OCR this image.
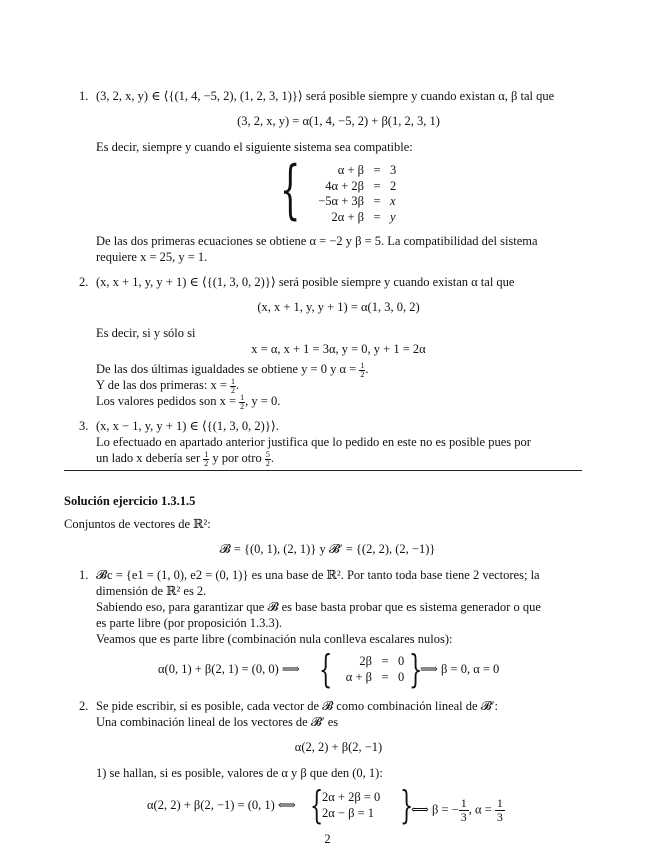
1. (3, 2, x, y) ∈ ⟨{(1, 4, −5, 2), (1, 2, 3, 1)}⟩ será posible siempre y cuando existan α, β tal que
(3, 2, x, y) = α(1, 4, −5, 2) + β(1, 2, 3, 1)
Es decir, siempre y cuando el siguiente sistema sea compatible:
{	α + β = 3
4α + 2β = 2
−5α + 3β = x
2α + β = y
De las dos primeras ecuaciones se obtiene α = −2 y β = 5. La compatibilidad del sistema
requiere x = 25, y = 1.
2. (x, x + 1, y, y + 1) ∈ ⟨{(1, 3, 0, 2)}⟩ será posible siempre y cuando existan α tal que
(x, x + 1, y, y + 1) = α(1, 3, 0, 2)
Es decir, si y sólo si
x = α, x + 1 = 3α, y = 0, y + 1 = 2α
De las dos últimas igualdades se obtiene y = 0 y $\alpha = \frac{1}{2}$ .
Y de las dos primeras: $x = \frac{1}{2}$ .
Los valores pedidos son $x = \frac{1}{2}$ , y = 0.
3. (x, x − 1, y, y + 1) ∈ ⟨{(1, 3, 0, 2)}⟩.
Lo efectuado en apartado anterior justifica que lo pedido en este no es posible pues por
un lado x debería ser $\frac{1}{2}$ y por otro $\frac{5}{2}$ .
Solución ejercicio 1.3.1.5
Conjuntos de vectores de ℝ²:
𝓑 = {(0, 1), (2, 1)} y 𝓑′ = {(2, 2), (2, −1)}
1. 𝓑c = {e1 = (1, 0), e2 = (0, 1)} es una base de ℝ². Por tanto toda base tiene 2 vectores; la
dimensión de ℝ² es 2.
Sabiendo eso, para garantizar que 𝓑 es base basta probar que es sistema generador o que
es parte libre (por proposición 1.3.3).
Veamos que es parte libre (combinación nula conlleva escalares nulos):
α(0, 1) + β(2, 1) = (0, 0) ⟹ {	2β = 0
α + β = 0 }
⟹ β = 0, α = 0
2. Se pide escribir, si es posible, cada vector de 𝓑 como combinación lineal de 𝓑′:
Una combinación lineal de los vectores de 𝓑′ es
α(2, 2) + β(2, −1)
1) se hallan, si es posible, valores de α y β que den (0, 1):
α(2, 2) + β(2, −1) = (0, 1) ⟺ {
2α + 2β = 0
2α − β = 1 }
⟺ β = − $\frac{1}{3}$ , $\alpha = \frac{1}{3}$
2
